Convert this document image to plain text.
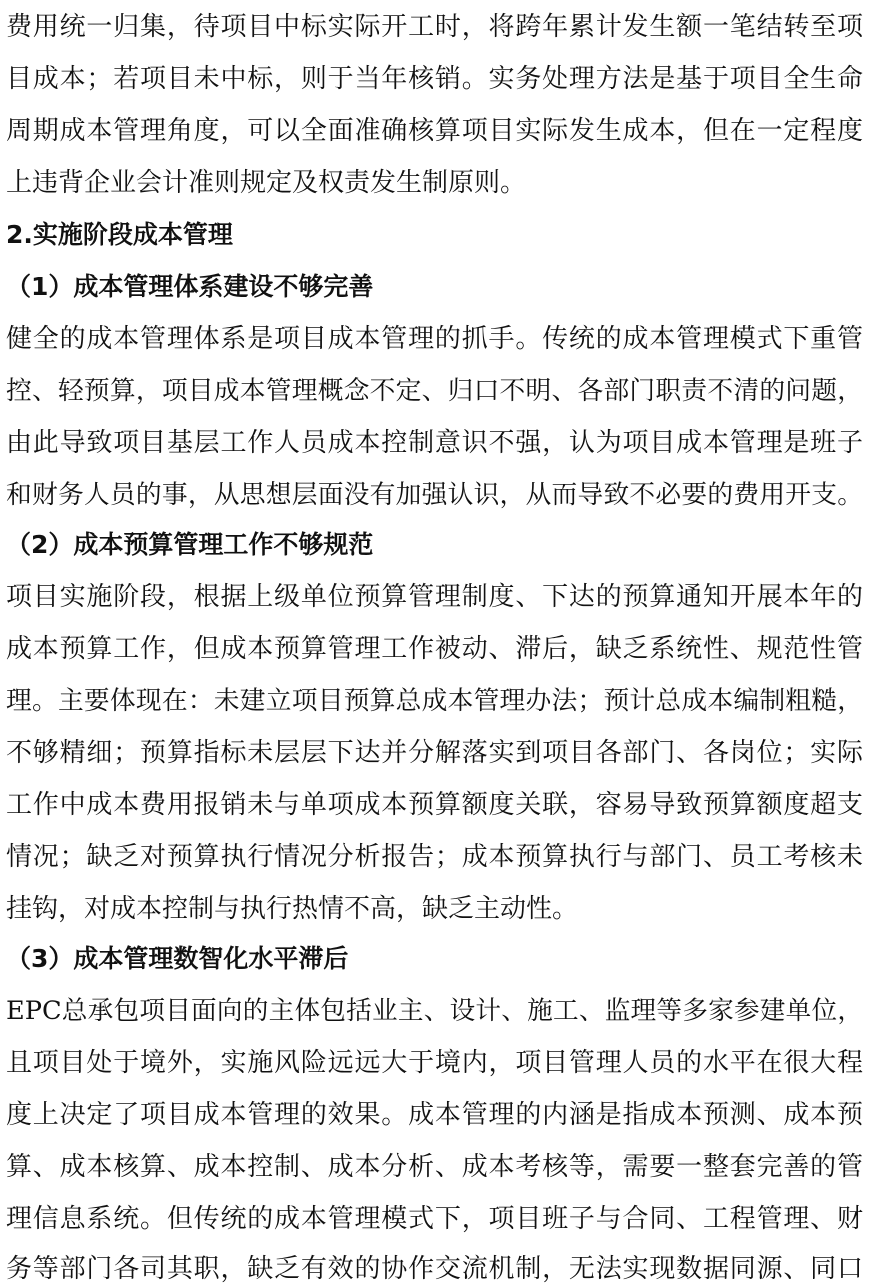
费用统一归集，待项目中标实际开工时，将跨年累计发生额一笔结转至项
目成本；若项目未中标，则于当年核销。实务处理方法是基于项目全生命
周期成本管理角度，可以全面准确核算项目实际发生成本，但在一定程度
上违背企业会计准则规定及权责发生制原则。
2.实施阶段成本管理
（1）成本管理体系建设不够完善
健全的成本管理体系是项目成本管理的抓手。传统的成本管理模式下重管
控、轻预算，项目成本管理概念不定、归口不明、各部门职责不清的问题，
由此导致项目基层工作人员成本控制意识不强，认为项目成本管理是班子
和财务人员的事，从思想层面没有加强认识，从而导致不必要的费用开支。
（2）成本预算管理工作不够规范
项目实施阶段，根据上级单位预算管理制度、下达的预算通知开展本年的
成本预算工作，但成本预算管理工作被动、滞后，缺乏系统性、规范性管
理。主要体现在：未建立项目预算总成本管理办法；预计总成本编制粗糙，
不够精细；预算指标未层层下达并分解落实到项目各部门、各岗位；实际
工作中成本费用报销未与单项成本预算额度关联，容易导致预算额度超支
情况；缺乏对预算执行情况分析报告；成本预算执行与部门、员工考核未
挂钩，对成本控制与执行热情不高，缺乏主动性。
（3）成本管理数智化水平滞后
EPC总承包项目面向的主体包括业主、设计、施工、监理等多家参建单位，
且项目处于境外，实施风险远远大于境内，项目管理人员的水平在很大程
度上决定了项目成本管理的效果。成本管理的内涵是指成本预测、成本预
算、成本核算、成本控制、成本分析、成本考核等，需要一整套完善的管
理信息系统。但传统的成本管理模式下，项目班子与合同、工程管理、财
务等部门各司其职，缺乏有效的协作交流机制，无法实现数据同源、同口
